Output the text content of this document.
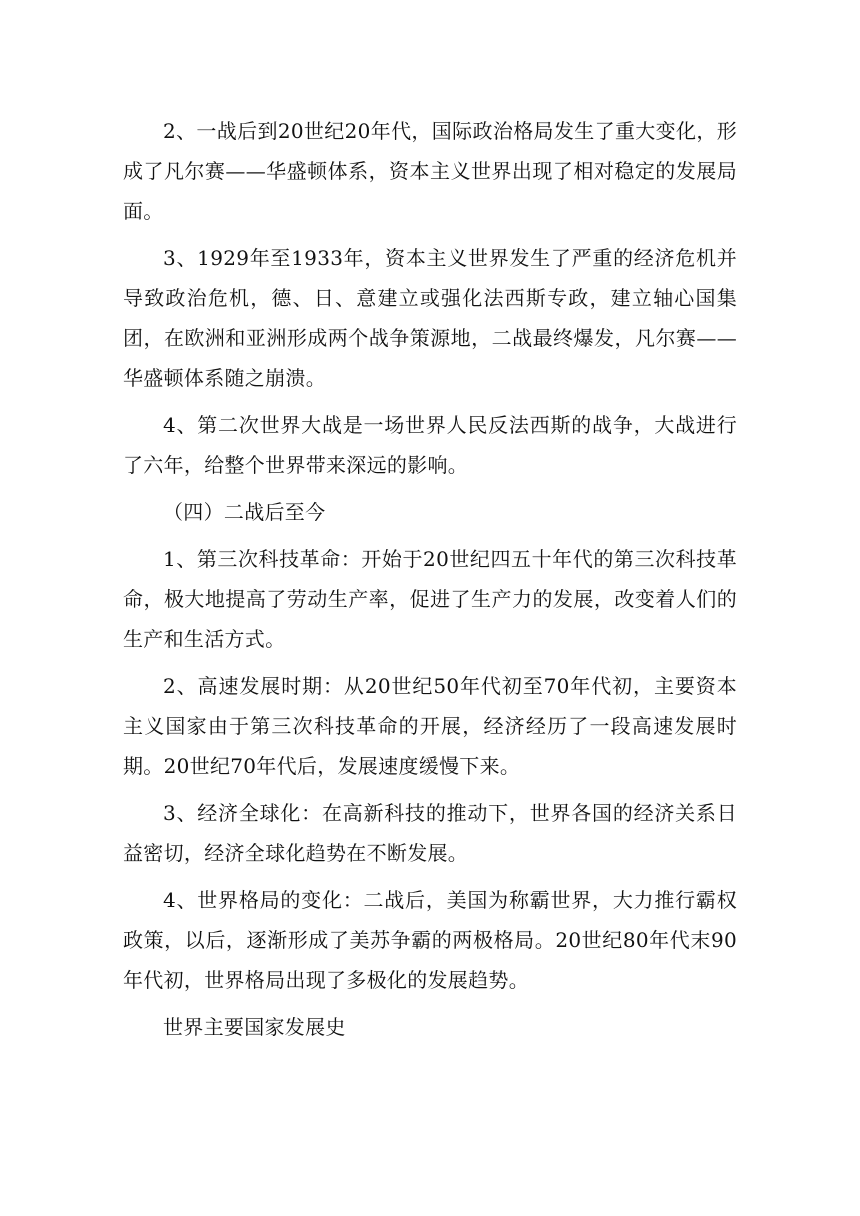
2、一战后到20世纪20年代，国际政治格局发生了重大变化，形成了凡尔赛——华盛顿体系，资本主义世界出现了相对稳定的发展局面。

3、1929年至1933年，资本主义世界发生了严重的经济危机并导致政治危机，德、日、意建立或强化法西斯专政，建立轴心国集团，在欧洲和亚洲形成两个战争策源地，二战最终爆发，凡尔赛——华盛顿体系随之崩溃。

4、第二次世界大战是一场世界人民反法西斯的战争，大战进行了六年，给整个世界带来深远的影响。

（四）二战后至今

1、第三次科技革命：开始于20世纪四五十年代的第三次科技革命，极大地提高了劳动生产率，促进了生产力的发展，改变着人们的生产和生活方式。

2、高速发展时期：从20世纪50年代初至70年代初，主要资本主义国家由于第三次科技革命的开展，经济经历了一段高速发展时期。20世纪70年代后，发展速度缓慢下来。

3、经济全球化：在高新科技的推动下，世界各国的经济关系日益密切，经济全球化趋势在不断发展。

4、世界格局的变化：二战后，美国为称霸世界，大力推行霸权政策，以后，逐渐形成了美苏争霸的两极格局。20世纪80年代末90年代初，世界格局出现了多极化的发展趋势。

世界主要国家发展史
